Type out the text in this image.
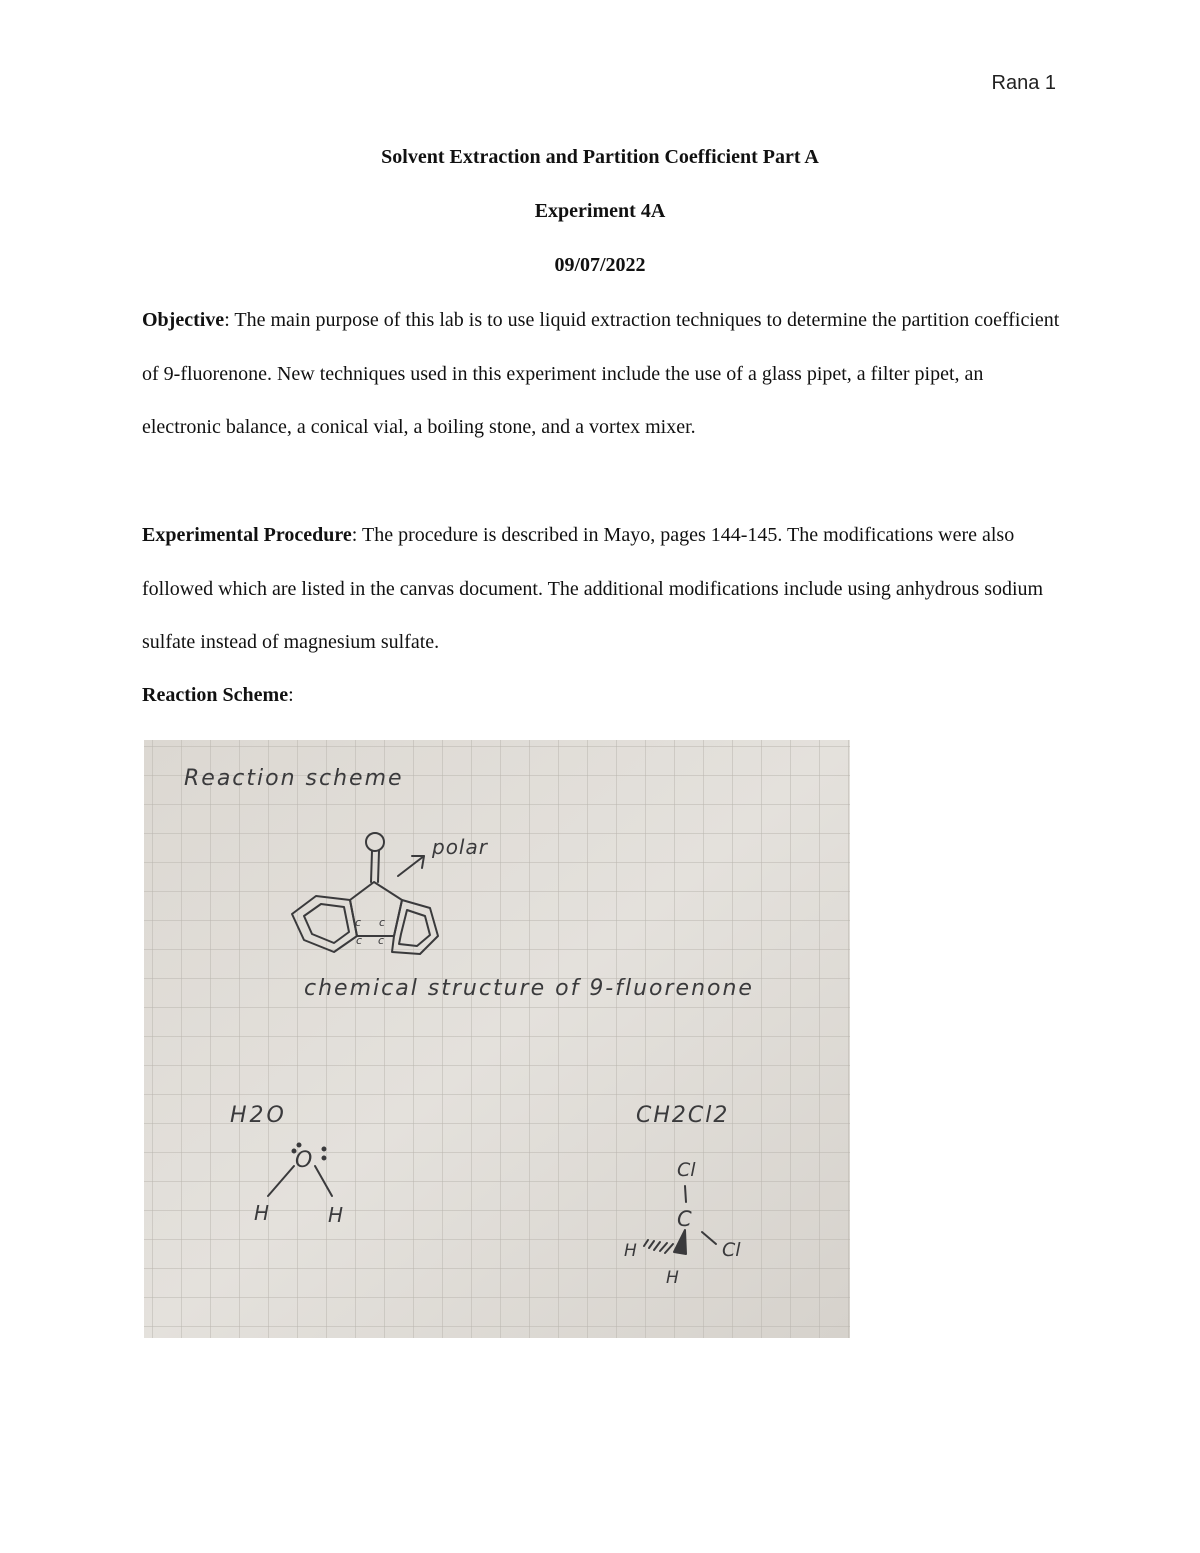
Rana 1
Solvent Extraction and Partition Coefficient Part A
Experiment 4A
09/07/2022

Objective: The main purpose of this lab is to use liquid extraction techniques to determine the partition coefficient of 9-fluorenone. New techniques used in this experiment include the use of a glass pipet, a filter pipet, an electronic balance, a conical vial, a boiling stone, and a vortex mixer.

Experimental Procedure: The procedure is described in Mayo, pages 144-145. The modifications were also followed which are listed in the canvas document. The additional modifications include using anhydrous sodium sulfate instead of magnesium sulfate.

Reaction Scheme:

Reaction scheme
polar
chemical structure of 9-fluorenone
H2O	CH2Cl2
O
H	H
Cl
C
Cl
H
H
c c
c c
